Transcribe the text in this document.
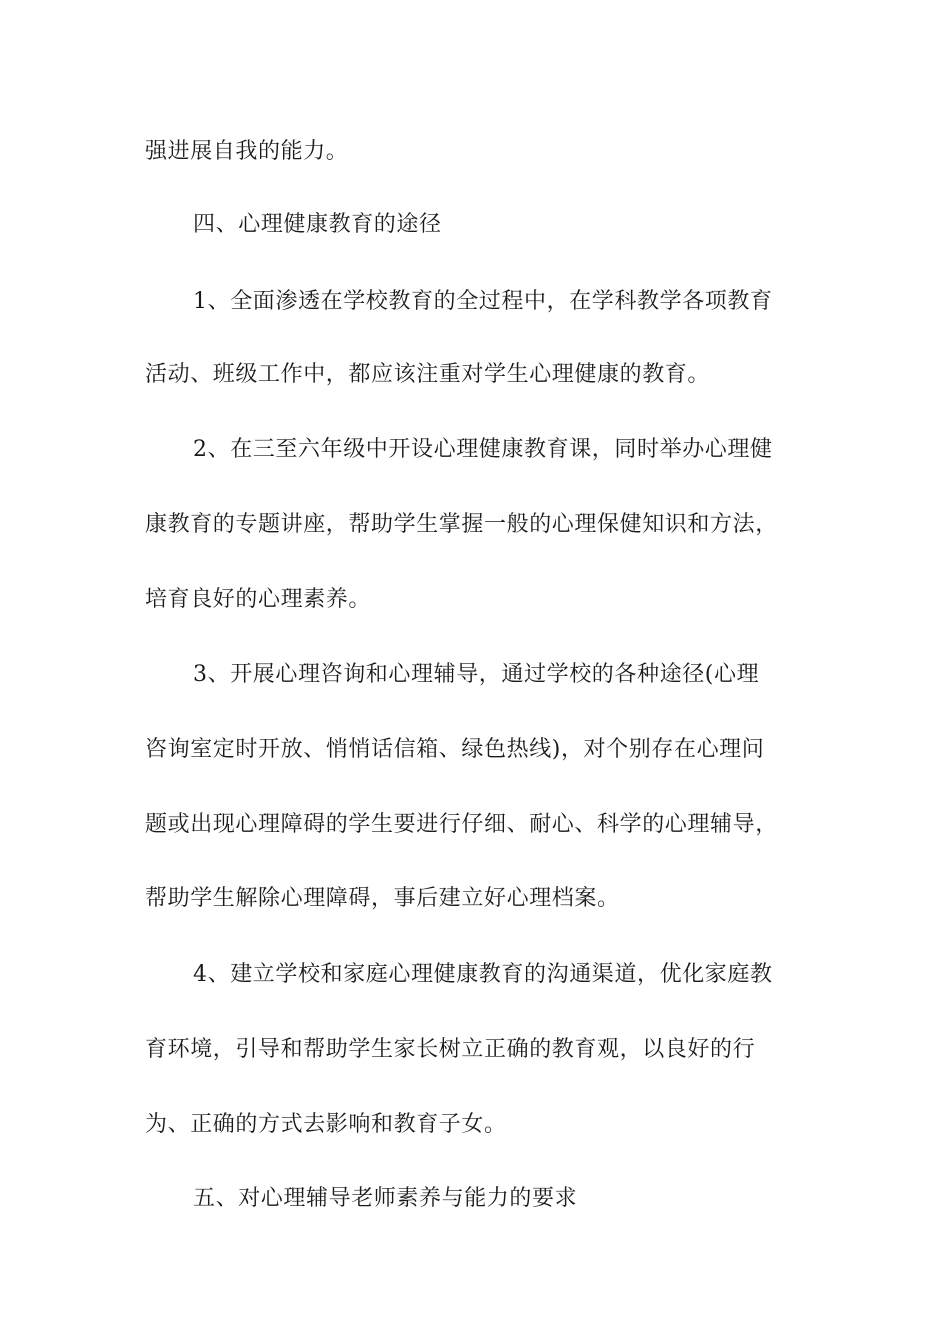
强进展自我的能力。
四、心理健康教育的途径
1、全面渗透在学校教育的全过程中，在学科教学各项教育
活动、班级工作中，都应该注重对学生心理健康的教育。
2、在三至六年级中开设心理健康教育课，同时举办心理健
康教育的专题讲座，帮助学生掌握一般的心理保健知识和方法，
培育良好的心理素养。
3、开展心理咨询和心理辅导，通过学校的各种途径(心理
咨询室定时开放、悄悄话信箱、绿色热线)，对个别存在心理问
题或出现心理障碍的学生要进行仔细、耐心、科学的心理辅导，
帮助学生解除心理障碍，事后建立好心理档案。
4、建立学校和家庭心理健康教育的沟通渠道，优化家庭教
育环境，引导和帮助学生家长树立正确的教育观，以良好的行
为、正确的方式去影响和教育子女。
五、对心理辅导老师素养与能力的要求
